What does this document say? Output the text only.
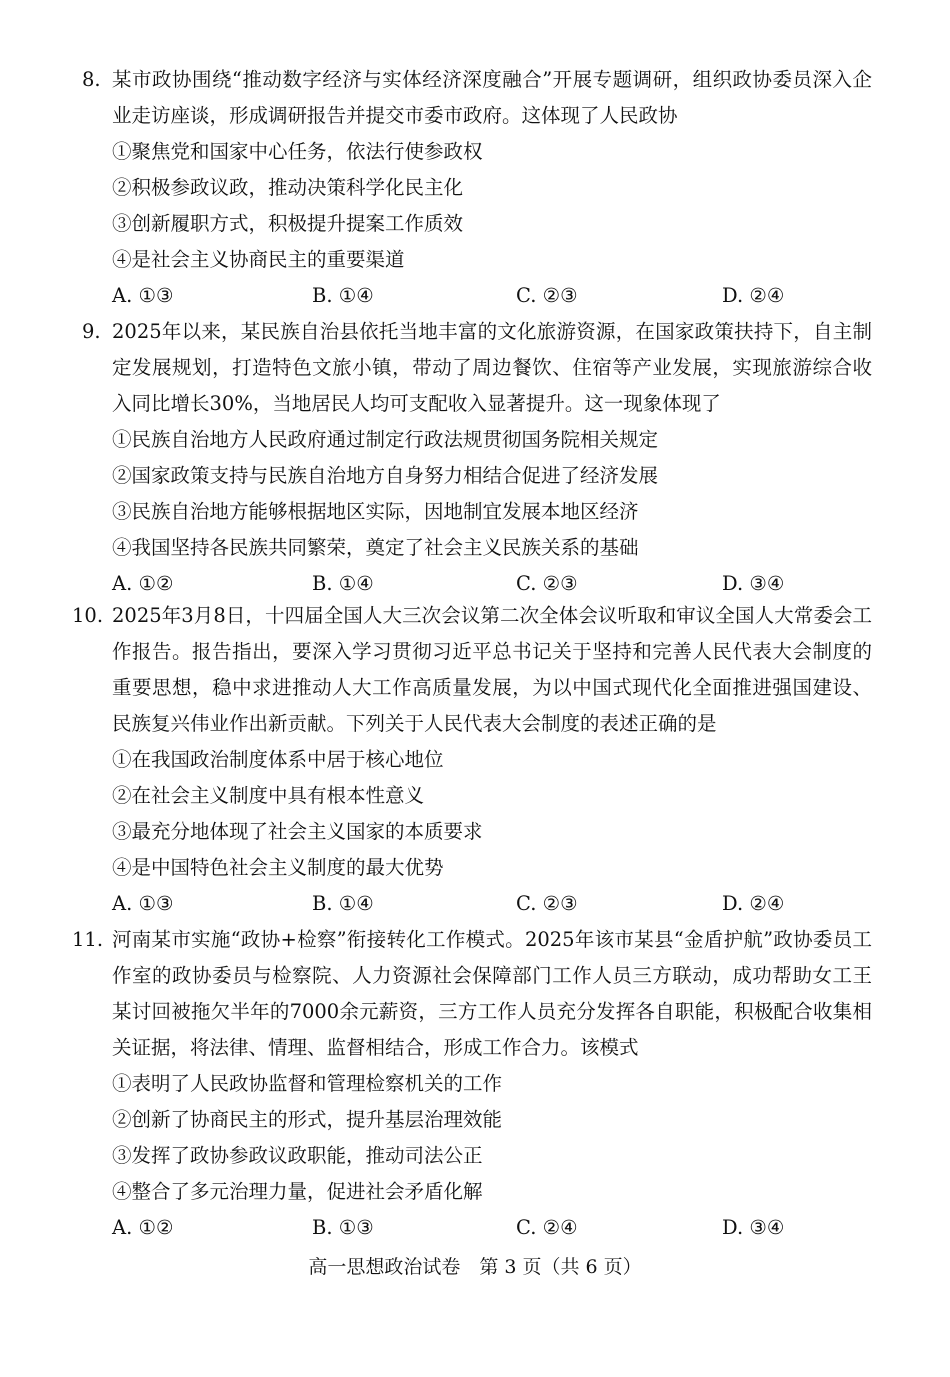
8. 某市政协围绕“推动数字经济与实体经济深度融合”开展专题调研，组织政协委员深入企业走访座谈，形成调研报告并提交市委市政府。这体现了人民政协
①聚焦党和国家中心任务，依法行使参政权
②积极参政议政，推动决策科学化民主化
③创新履职方式，积极提升提案工作质效
④是社会主义协商民主的重要渠道
A. ①③	B. ①④	C. ②③	D. ②④
9. 2025年以来，某民族自治县依托当地丰富的文化旅游资源，在国家政策扶持下，自主制定发展规划，打造特色文旅小镇，带动了周边餐饮、住宿等产业发展，实现旅游综合收入同比增长30%，当地居民人均可支配收入显著提升。这一现象体现了
①民族自治地方人民政府通过制定行政法规贯彻国务院相关规定
②国家政策支持与民族自治地方自身努力相结合促进了经济发展
③民族自治地方能够根据地区实际，因地制宜发展本地区经济
④我国坚持各民族共同繁荣，奠定了社会主义民族关系的基础
A. ①②	B. ①④	C. ②③	D. ③④
10. 2025年3月8日，十四届全国人大三次会议第二次全体会议听取和审议全国人大常委会工作报告。报告指出，要深入学习贯彻习近平总书记关于坚持和完善人民代表大会制度的重要思想，稳中求进推动人大工作高质量发展，为以中国式现代化全面推进强国建设、民族复兴伟业作出新贡献。下列关于人民代表大会制度的表述正确的是
①在我国政治制度体系中居于核心地位
②在社会主义制度中具有根本性意义
③最充分地体现了社会主义国家的本质要求
④是中国特色社会主义制度的最大优势
A. ①③	B. ①④	C. ②③	D. ②④
11. 河南某市实施“政协+检察”衔接转化工作模式。2025年该市某县“金盾护航”政协委员工作室的政协委员与检察院、人力资源社会保障部门工作人员三方联动，成功帮助女工王某讨回被拖欠半年的7000余元薪资，三方工作人员充分发挥各自职能，积极配合收集相关证据，将法律、情理、监督相结合，形成工作合力。该模式
①表明了人民政协监督和管理检察机关的工作
②创新了协商民主的形式，提升基层治理效能
③发挥了政协参政议政职能，推动司法公正
④整合了多元治理力量，促进社会矛盾化解
A. ①②	B. ①③	C. ②④	D. ③④
高一思想政治试卷　第 3 页（共 6 页）
